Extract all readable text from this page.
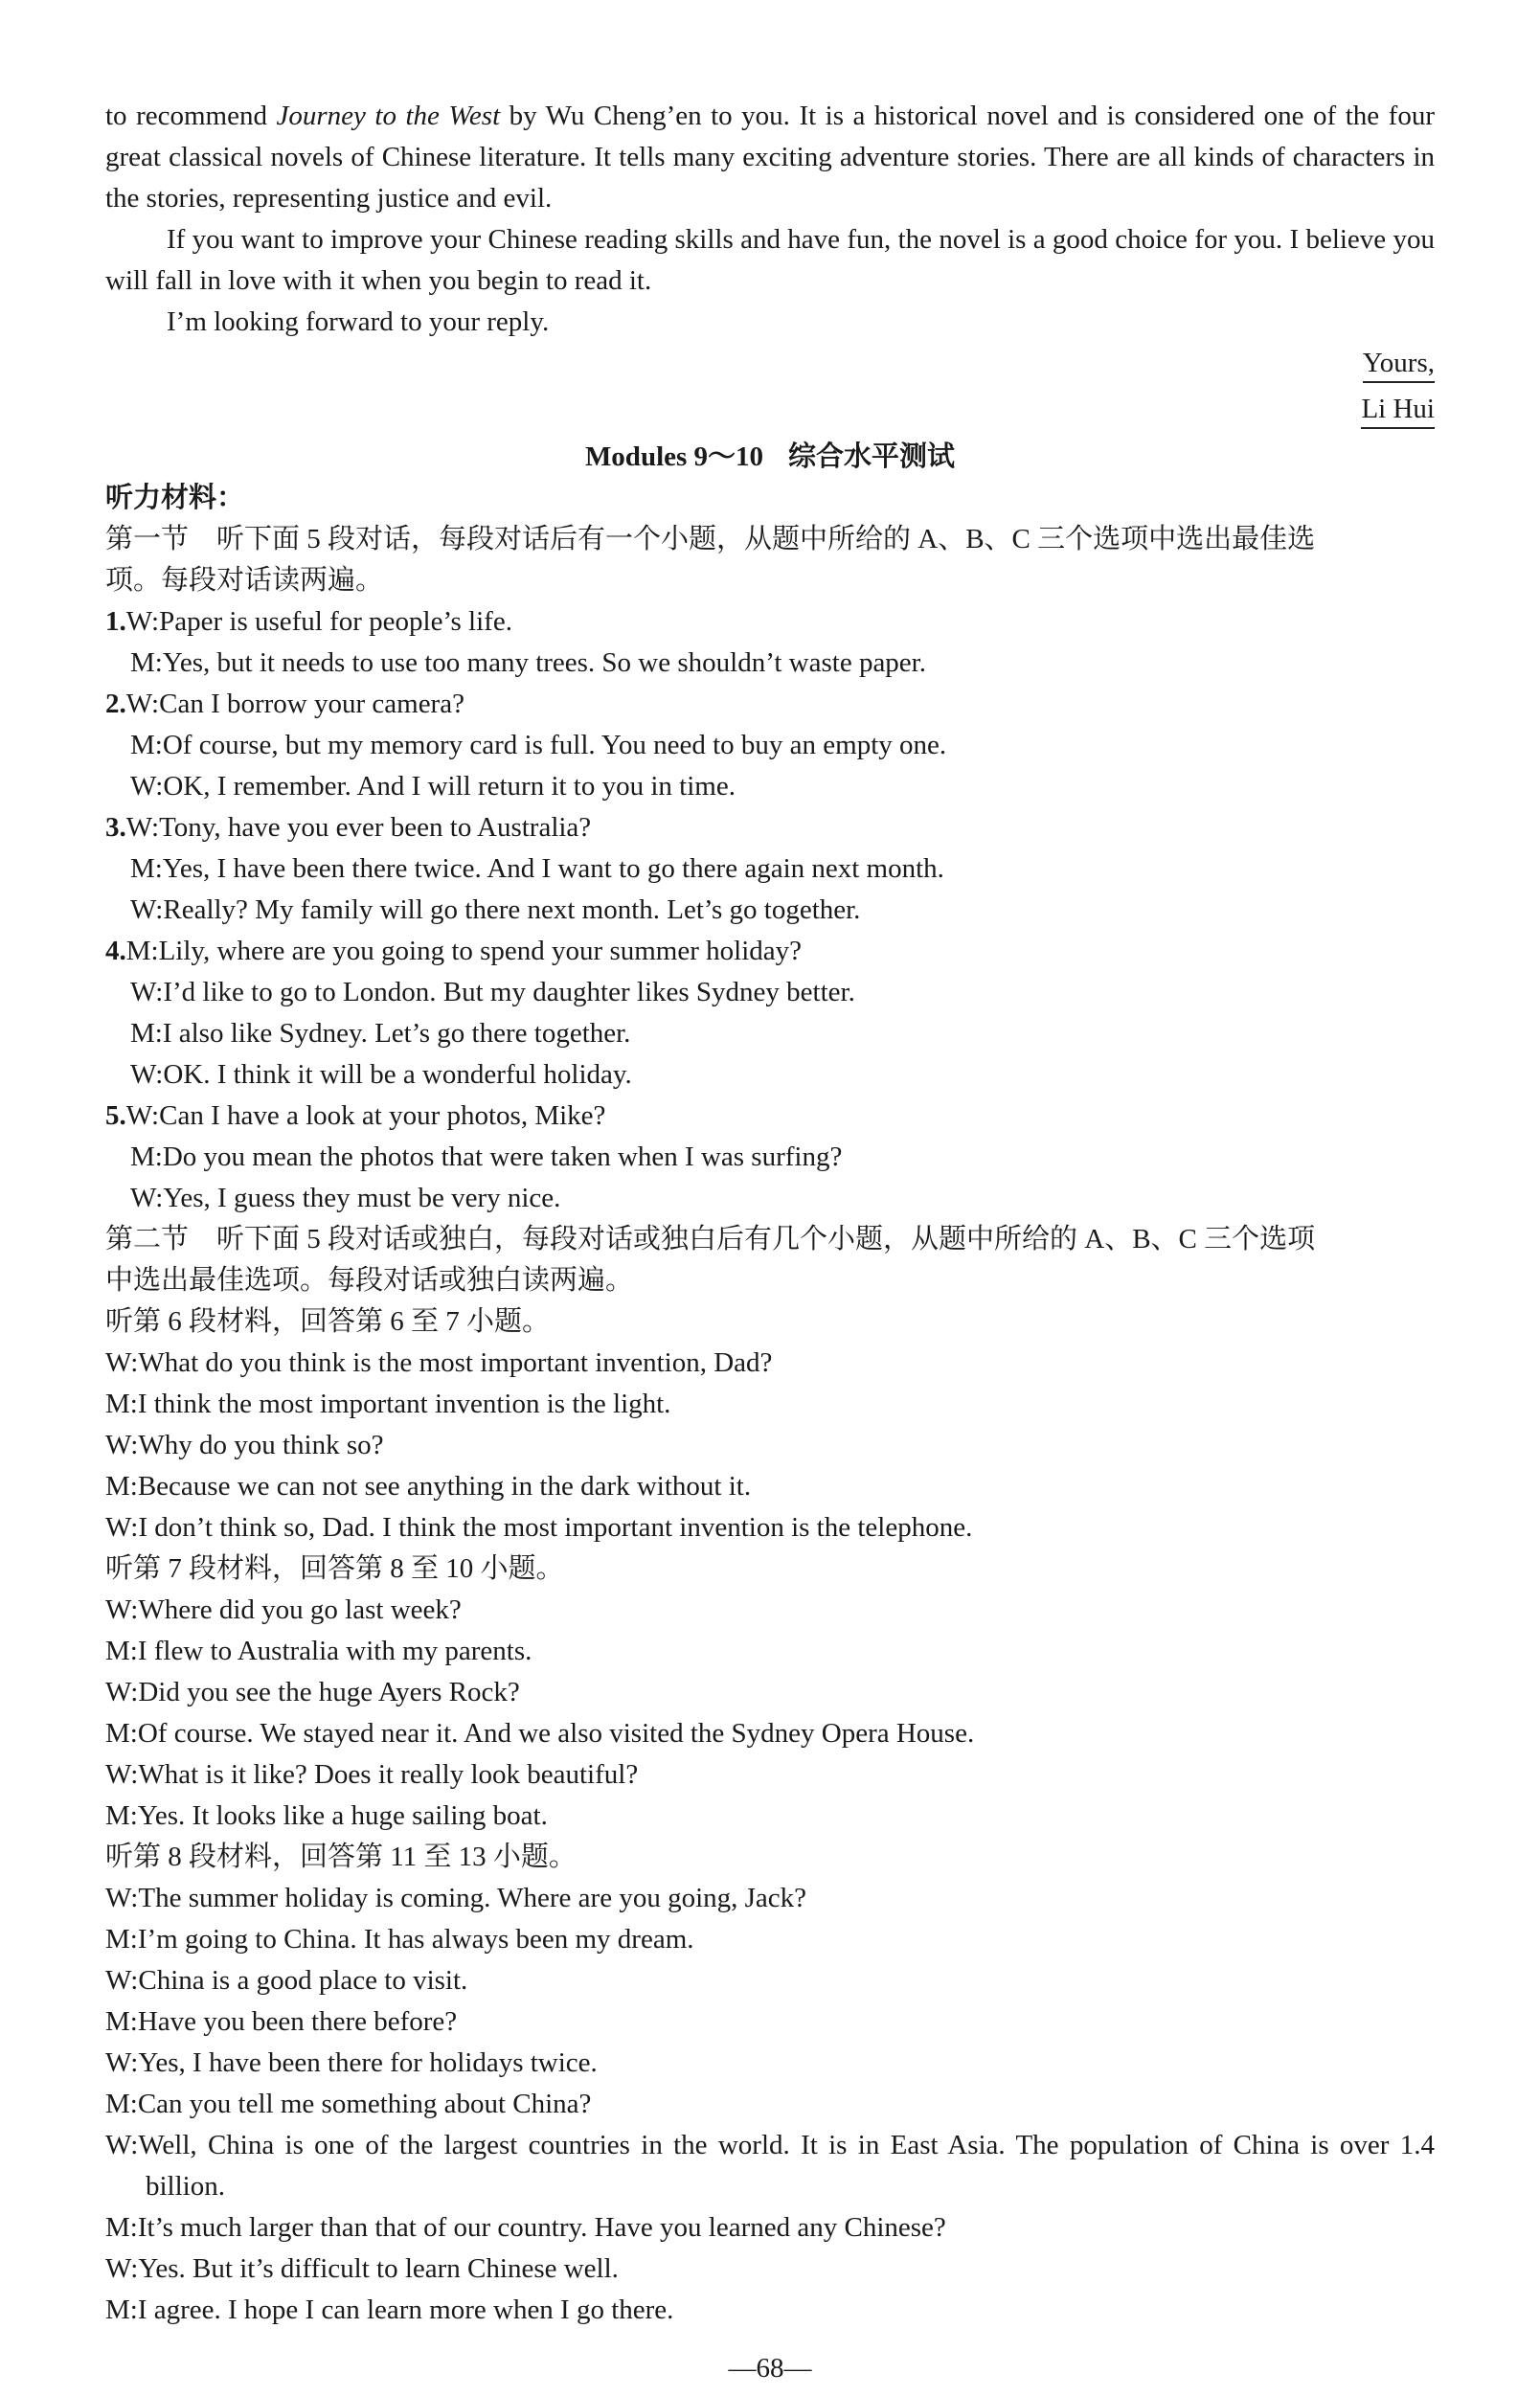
to recommend Journey to the West by Wu Cheng’en to you. It is a historical novel and is considered one of the four great classical novels of Chinese literature. It tells many exciting adventure stories. There are all kinds of characters in the stories, representing justice and evil.

If you want to improve your Chinese reading skills and have fun, the novel is a good choice for you. I believe you will fall in love with it when you begin to read it.

I’m looking forward to your reply.

Yours,
Li Hui

Modules 9～10 综合水平测试

听力材料：

第一节　听下面 5 段对话，每段对话后有一个小题，从题中所给的 A、B、C 三个选项中选出最佳选

项。每段对话读两遍。

1.W:Paper is useful for people’s life.

M:Yes, but it needs to use too many trees. So we shouldn’t waste paper.

2.W:Can I borrow your camera?

M:Of course, but my memory card is full. You need to buy an empty one.

W:OK, I remember. And I will return it to you in time.

3.W:Tony, have you ever been to Australia?

M:Yes, I have been there twice. And I want to go there again next month.

W:Really? My family will go there next month. Let’s go together.

4.M:Lily, where are you going to spend your summer holiday?

W:I’d like to go to London. But my daughter likes Sydney better.

M:I also like Sydney. Let’s go there together.

W:OK. I think it will be a wonderful holiday.

5.W:Can I have a look at your photos, Mike?

M:Do you mean the photos that were taken when I was surfing?

W:Yes, I guess they must be very nice.

第二节　听下面 5 段对话或独白，每段对话或独白后有几个小题，从题中所给的 A、B、C 三个选项

中选出最佳选项。每段对话或独白读两遍。

听第 6 段材料，回答第 6 至 7 小题。

W:What do you think is the most important invention, Dad?

M:I think the most important invention is the light.

W:Why do you think so?

M:Because we can not see anything in the dark without it.

W:I don’t think so, Dad. I think the most important invention is the telephone.

听第 7 段材料，回答第 8 至 10 小题。

W:Where did you go last week?

M:I flew to Australia with my parents.

W:Did you see the huge Ayers Rock?

M:Of course. We stayed near it. And we also visited the Sydney Opera House.

W:What is it like? Does it really look beautiful?

M:Yes. It looks like a huge sailing boat.

听第 8 段材料，回答第 11 至 13 小题。

W:The summer holiday is coming. Where are you going, Jack?

M:I’m going to China. It has always been my dream.

W:China is a good place to visit.

M:Have you been there before?

W:Yes, I have been there for holidays twice.

M:Can you tell me something about China?

W:Well, China is one of the largest countries in the world. It is in East Asia. The population of China is over 1.4 billion.

M:It’s much larger than that of our country. Have you learned any Chinese?

W:Yes. But it’s difficult to learn Chinese well.

M:I agree. I hope I can learn more when I go there.

—68—
